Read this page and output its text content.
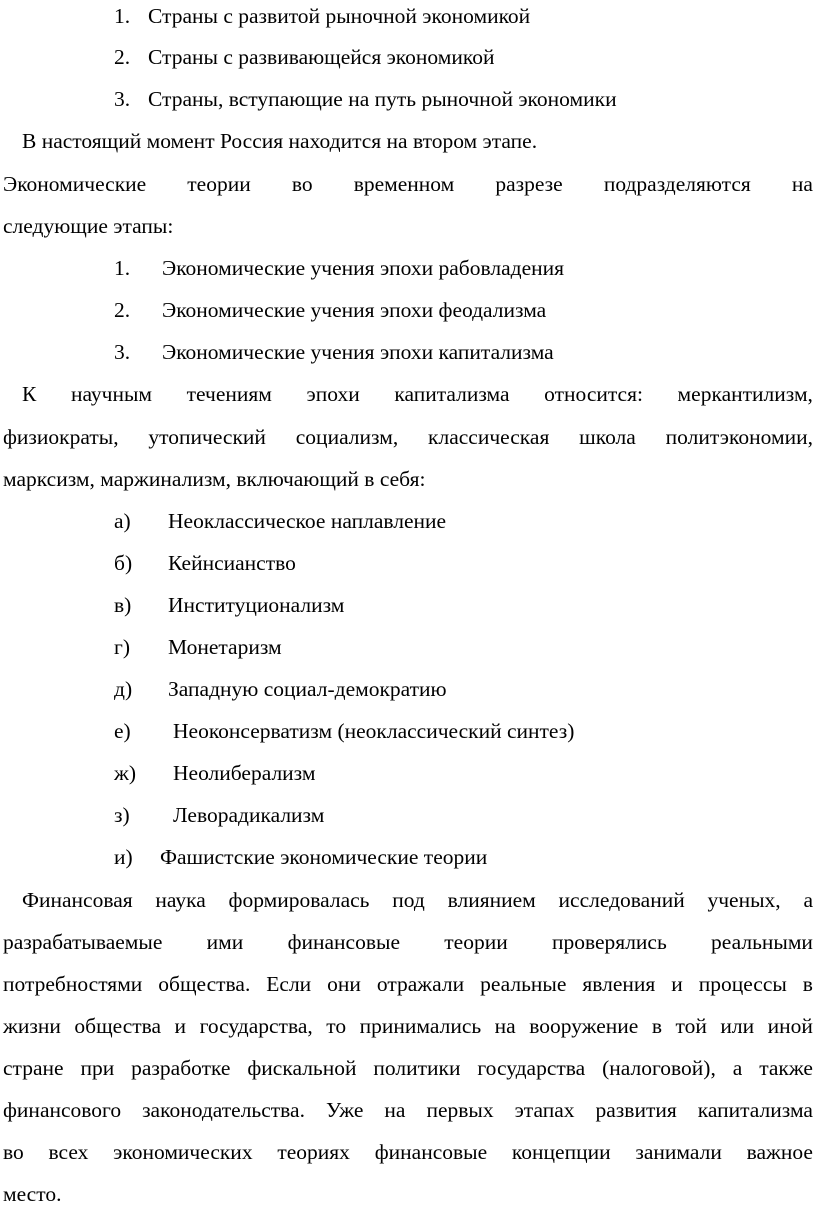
1. Страны с развитой рыночной экономикой
2. Страны с развивающейся экономикой
3. Страны, вступающие на путь рыночной экономики
В настоящий момент Россия находится на втором этапе.
Экономические теории во временном разрезе подразделяются на
следующие этапы:
1. Экономические учения эпохи рабовладения
2. Экономические учения эпохи феодализма
3. Экономические учения эпохи капитализма
К научным течениям эпохи капитализма относится: меркантилизм,
физиократы, утопический социализм, классическая школа политэкономии,
марксизм, маржинализм, включающий в себя:
а) Неоклассическое наплавление
б) Кейнсианство
в) Институционализм
г) Монетаризм
д) Западную социал-демократию
е) Неоконсерватизм (неоклассический синтез)
ж) Неолиберализм
з) Леворадикализм
и) Фашистские экономические теории
Финансовая наука формировалась под влиянием исследований ученых, а
разрабатываемые ими финансовые теории проверялись реальными
потребностями общества. Если они отражали реальные явления и процессы в
жизни общества и государства, то принимались на вооружение в той или иной
стране при разработке фискальной политики государства (налоговой), а также
финансового законодательства. Уже на первых этапах развития капитализма
во всех экономических теориях финансовые концепции занимали важное
место.
